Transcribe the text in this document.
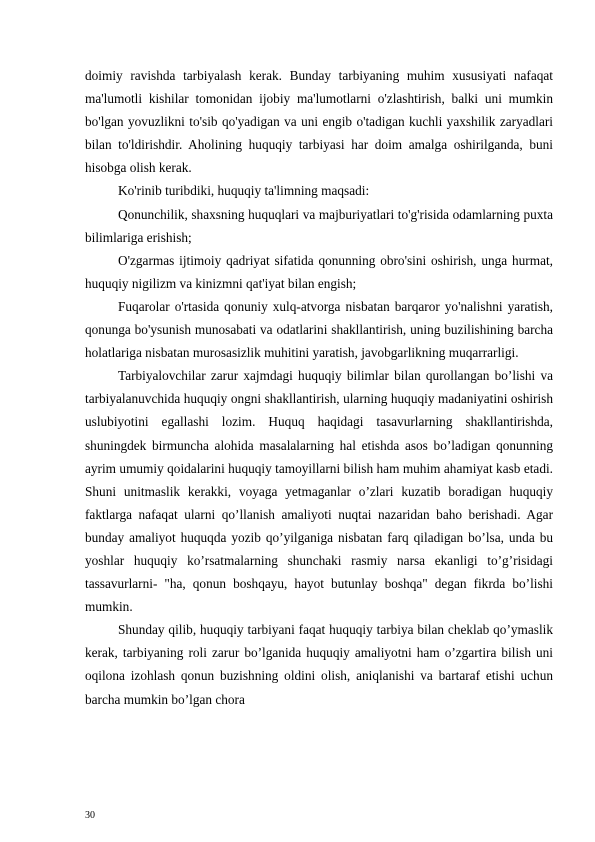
doimiy ravishda tarbiyalash kerak. Bunday tarbiyaning muhim xususiyati nafaqat ma'lumotli kishilar tomonidan ijobiy ma'lumotlarni o'zlashtirish, balki uni mumkin bo'lgan yovuzlikni to'sib qo'yadigan va uni engib o'tadigan kuchli yaxshilik zaryadlari bilan to'ldirishdir. Aholining huquqiy tarbiyasi har doim amalga oshirilganda, buni hisobga olish kerak.

Ko'rinib turibdiki, huquqiy ta'limning maqsadi:

Qonunchilik, shaxsning huquqlari va majburiyatlari to'g'risida odamlarning puxta bilimlariga erishish;

O'zgarmas ijtimoiy qadriyat sifatida qonunning obro'sini oshirish, unga hurmat, huquqiy nigilizm va kinizmni qat'iyat bilan engish;

Fuqarolar o'rtasida qonuniy xulq-atvorga nisbatan barqaror yo'nalishni yaratish, qonunga bo'ysunish munosabati va odatlarini shakllantirish, uning buzilishining barcha holatlariga nisbatan murosasizlik muhitini yaratish, javobgarlikning muqarrarligi.

Tarbiyalovchilar zarur xajmdagi huquqiy bilimlar bilan qurollangan bo’lishi va tarbiyalanuvchida huquqiy ongni shakllantirish, ularning huquqiy madaniyatini oshirish uslubiyotini egallashi lozim. Huquq haqidagi tasavurlarning shakllantirishda, shuningdek birmuncha alohida masalalarning hal etishda asos bo’ladigan qonunning ayrim umumiy qoidalarini huquqiy tamoyillarni bilish ham muhim ahamiyat kasb etadi. Shuni unitmaslik kerakki, voyaga yetmaganlar o’zlari kuzatib boradigan huquqiy faktlarga nafaqat ularni qo’llanish amaliyoti nuqtai nazaridan baho berishadi. Agar bunday amaliyot huquqda yozib qo’yilganiga nisbatan farq qiladigan bo’lsa, unda bu yoshlar huquqiy ko’rsatmalarning shunchaki rasmiy narsa ekanligi to’g’risidagi tassavurlarni- "ha, qonun boshqayu, hayot butunlay boshqa" degan fikrda bo’lishi mumkin.

Shunday qilib, huquqiy tarbiyani faqat huquqiy tarbiya bilan cheklab qo’ymaslik kerak, tarbiyaning roli zarur bo’lganida huquqiy amaliyotni ham o’zgartira bilish uni oqilona izohlash qonun buzishning oldini olish, aniqlanishi va bartaraf etishi uchun barcha mumkin bo’lgan chora

30
